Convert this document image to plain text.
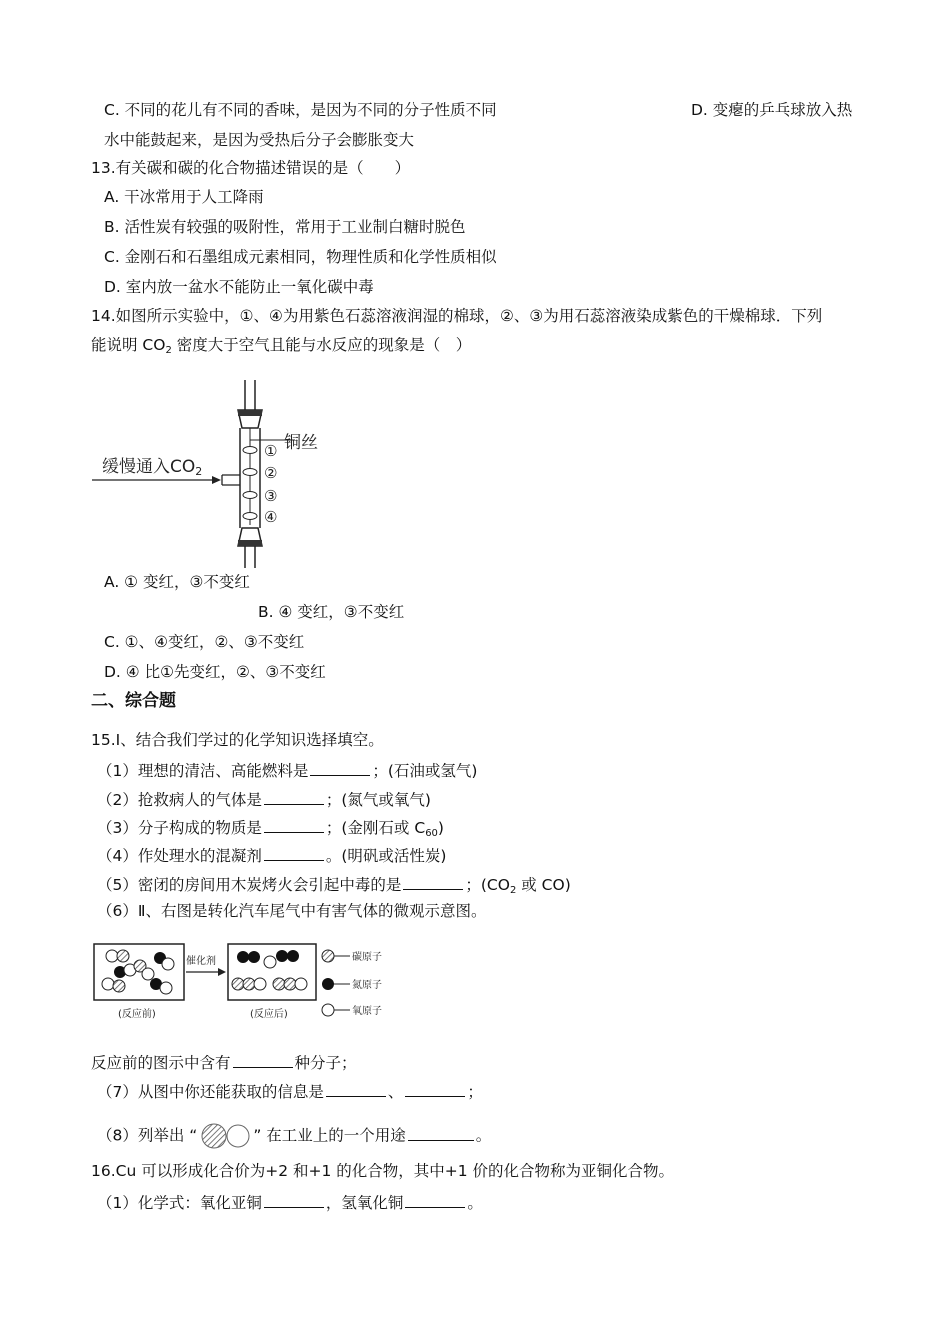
C. 不同的花儿有不同的香味，是因为不同的分子性质不同	D. 变瘪的乒乓球放入热
水中能鼓起来，是因为受热后分子会膨胀变大
13.有关碳和碳的化合物描述错误的是（　　）
A. 干冰常用于人工降雨
B. 活性炭有较强的吸附性，常用于工业制白糖时脱色
C. 金刚石和石墨组成元素相同，物理性质和化学性质相似
D. 室内放一盆水不能防止一氧化碳中毒
14.如图所示实验中，①、④为用紫色石蕊溶液润湿的棉球，②、③为用石蕊溶液染成紫色的干燥棉球．下列
能说明 $CO_2$ 密度大于空气且能与水反应的现象是（　）
缓慢通入CO2
铜丝
①
②
③
④
A. ① 变红，③不变红
B. ④ 变红，③不变红
C. ①、④变红，②、③不变红
D. ④ 比①先变红，②、③不变红
二、综合题
15.Ⅰ、结合我们学过的化学知识选择填空。
（1）理想的清洁、高能燃料是	；(石油或氢气)
（2）抢救病人的气体是	；(氮气或氧气)
（3）分子构成的物质是	；(金刚石或 $C_{60}$)
（4）作处理水的混凝剂	。(明矾或活性炭)
（5）密闭的房间用木炭烤火会引起中毒的是	；($CO_2$ 或 CO)
（6）Ⅱ、右图是转化汽车尾气中有害气体的微观示意图。
催化剂
(反应前)	(反应后)
碳原子
氮原子
氧原子
反应前的图示中含有	种分子；
（7）从图中你还能获取的信息是	、	；
（8）列举出 “	” 在工业上的一个用途	。
16.Cu 可以形成化合价为+2 和+1 的化合物，其中+1 价的化合物称为亚铜化合物。
（1）化学式：氧化亚铜	，氢氧化铜	。
